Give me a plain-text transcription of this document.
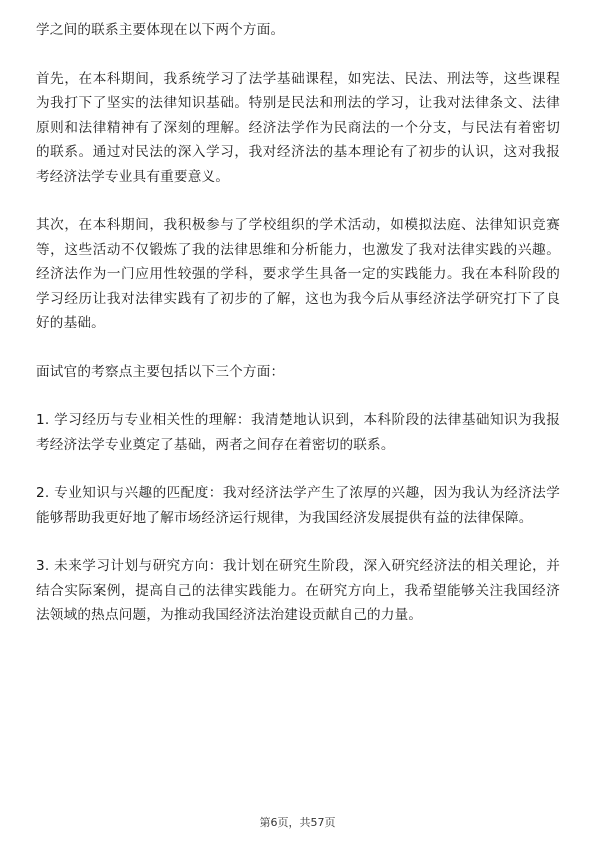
学之间的联系主要体现在以下两个方面。

首先，在本科期间，我系统学习了法学基础课程，如宪法、民法、刑法等，这些课程为我打下了坚实的法律知识基础。特别是民法和刑法的学习，让我对法律条文、法律原则和法律精神有了深刻的理解。经济法学作为民商法的一个分支，与民法有着密切的联系。通过对民法的深入学习，我对经济法的基本理论有了初步的认识，这对我报考经济法学专业具有重要意义。

其次，在本科期间，我积极参与了学校组织的学术活动，如模拟法庭、法律知识竞赛等，这些活动不仅锻炼了我的法律思维和分析能力，也激发了我对法律实践的兴趣。经济法作为一门应用性较强的学科，要求学生具备一定的实践能力。我在本科阶段的学习经历让我对法律实践有了初步的了解，这也为我今后从事经济法学研究打下了良好的基础。

面试官的考察点主要包括以下三个方面：

1. 学习经历与专业相关性的理解：我清楚地认识到，本科阶段的法律基础知识为我报考经济法学专业奠定了基础，两者之间存在着密切的联系。

2. 专业知识与兴趣的匹配度：我对经济法学产生了浓厚的兴趣，因为我认为经济法学能够帮助我更好地了解市场经济运行规律，为我国经济发展提供有益的法律保障。

3. 未来学习计划与研究方向：我计划在研究生阶段，深入研究经济法的相关理论，并结合实际案例，提高自己的法律实践能力。在研究方向上，我希望能够关注我国经济法领域的热点问题，为推动我国经济法治建设贡献自己的力量。

第6页，共57页
